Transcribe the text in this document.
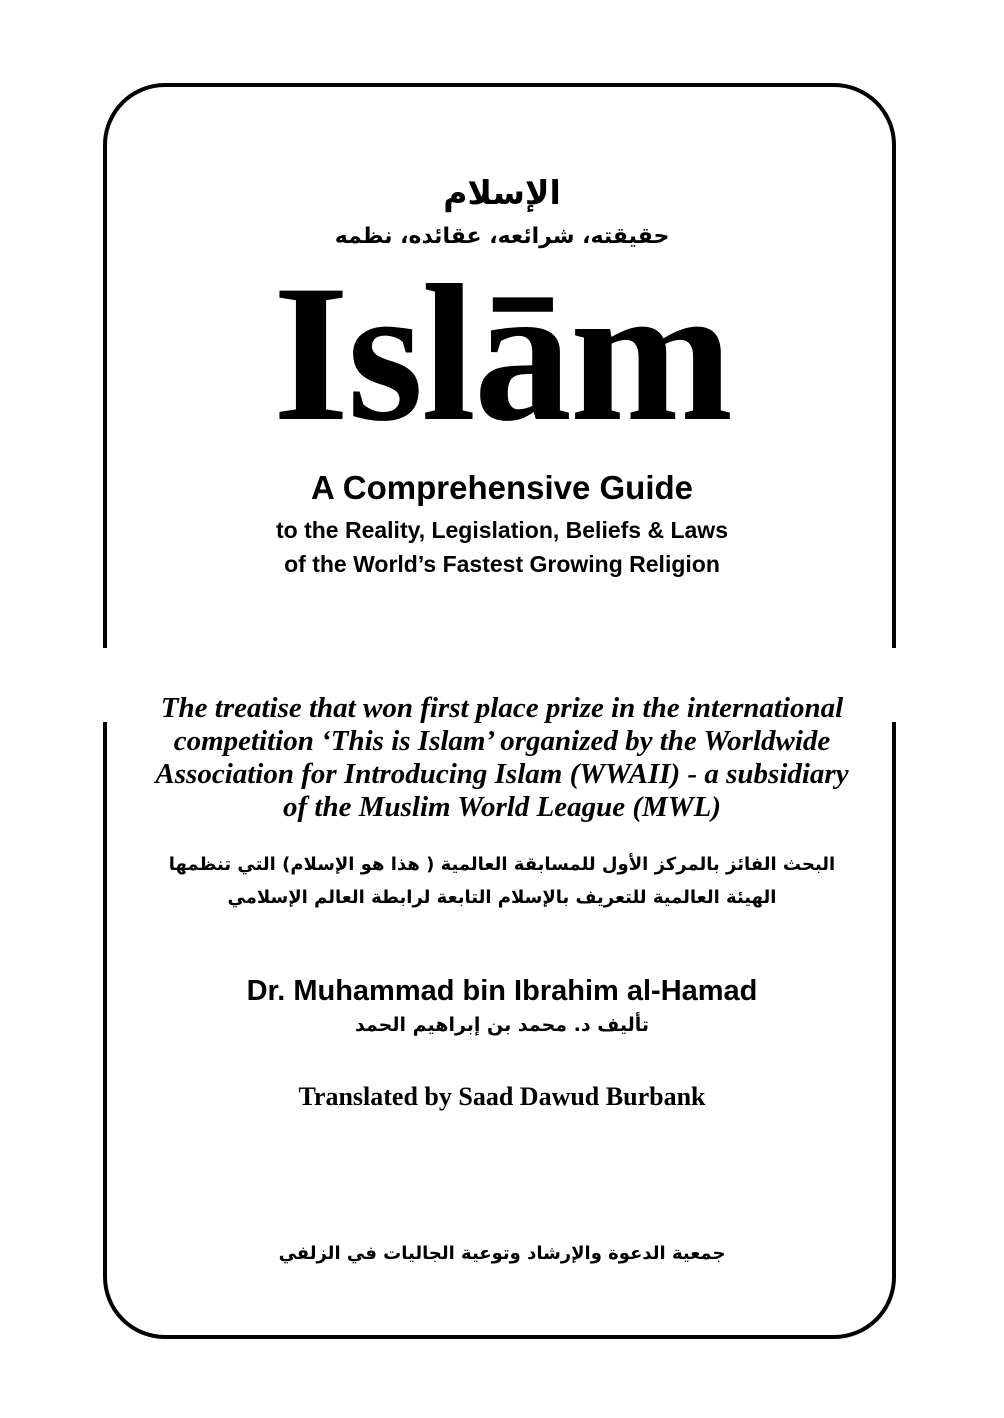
الإسلام
حقيقته، شرائعه، عقائده، نظمه
Islām
A Comprehensive Guide
to the Reality, Legislation, Beliefs & Laws
of the World’s Fastest Growing Religion
The treatise that won first place prize in the international
competition ‘This is Islam’ organized by the Worldwide
Association for Introducing Islam (WWAII) - a subsidiary
of the Muslim World League (MWL)
البحث الفائز بالمركز الأول للمسابقة العالمية ( هذا هو الإسلام) التي تنظمها
الهيئة العالمية للتعريف بالإسلام التابعة لرابطة العالم الإسلامي
Dr. Muhammad bin Ibrahim al-Hamad
تأليف د. محمد بن إبراهيم الحمد
Translated by Saad Dawud Burbank
جمعية الدعوة والإرشاد وتوعية الجاليات في الزلفي
